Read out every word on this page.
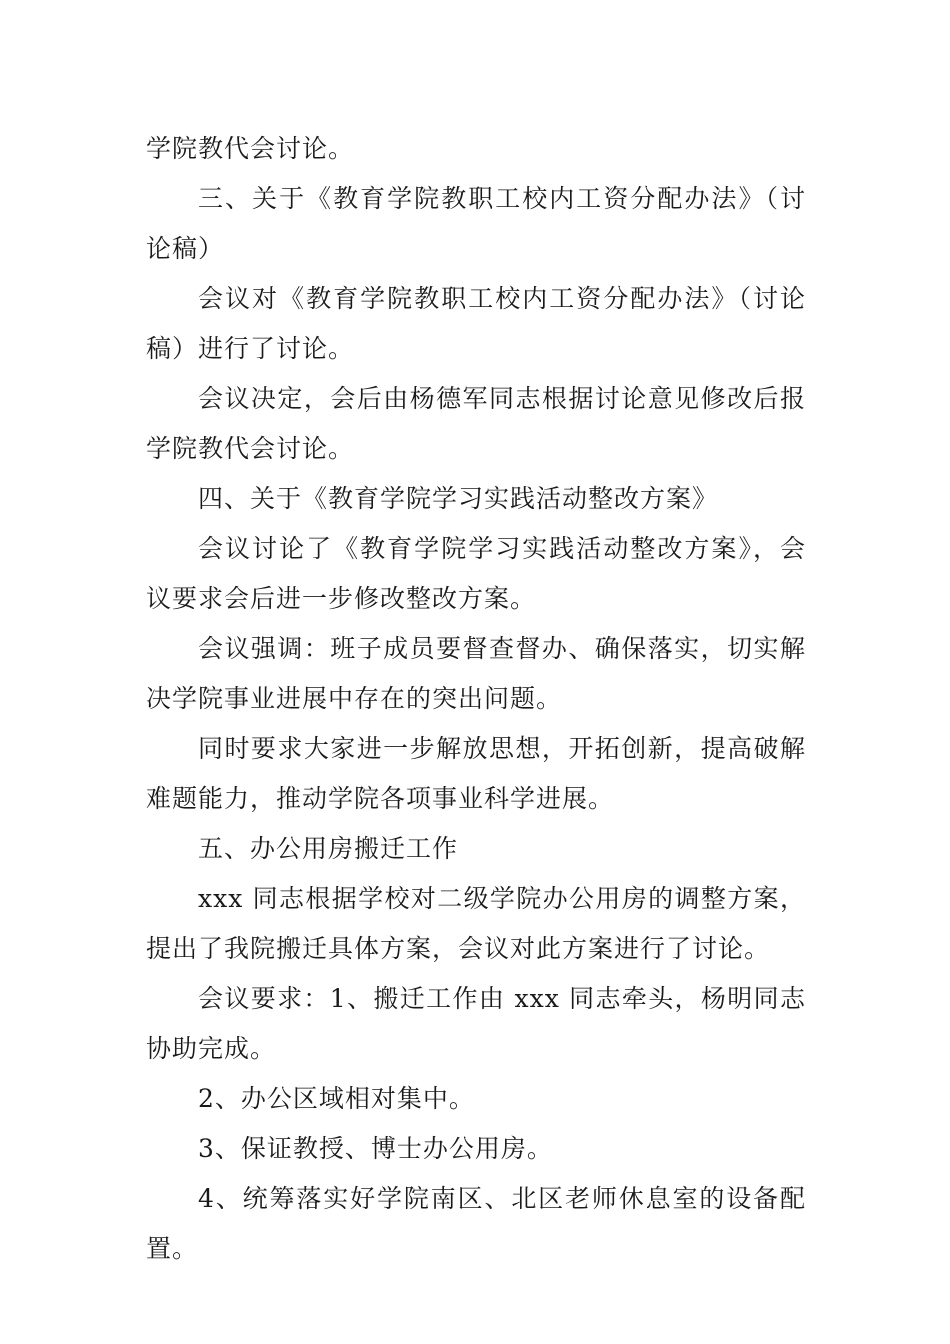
学院教代会讨论。

三、关于《教育学院教职工校内工资分配办法》（讨论稿）

会议对《教育学院教职工校内工资分配办法》（讨论稿）进行了讨论。

会议决定，会后由杨德军同志根据讨论意见修改后报学院教代会讨论。

四、关于《教育学院学习实践活动整改方案》

会议讨论了《教育学院学习实践活动整改方案》，会议要求会后进一步修改整改方案。

会议强调：班子成员要督查督办、确保落实，切实解决学院事业进展中存在的突出问题。

同时要求大家进一步解放思想，开拓创新，提高破解难题能力，推动学院各项事业科学进展。

五、办公用房搬迁工作

xxx 同志根据学校对二级学院办公用房的调整方案，提出了我院搬迁具体方案，会议对此方案进行了讨论。

会议要求：1、搬迁工作由 xxx 同志牵头，杨明同志协助完成。

2、办公区域相对集中。

3、保证教授、博士办公用房。

4、统筹落实好学院南区、北区老师休息室的设备配置。
